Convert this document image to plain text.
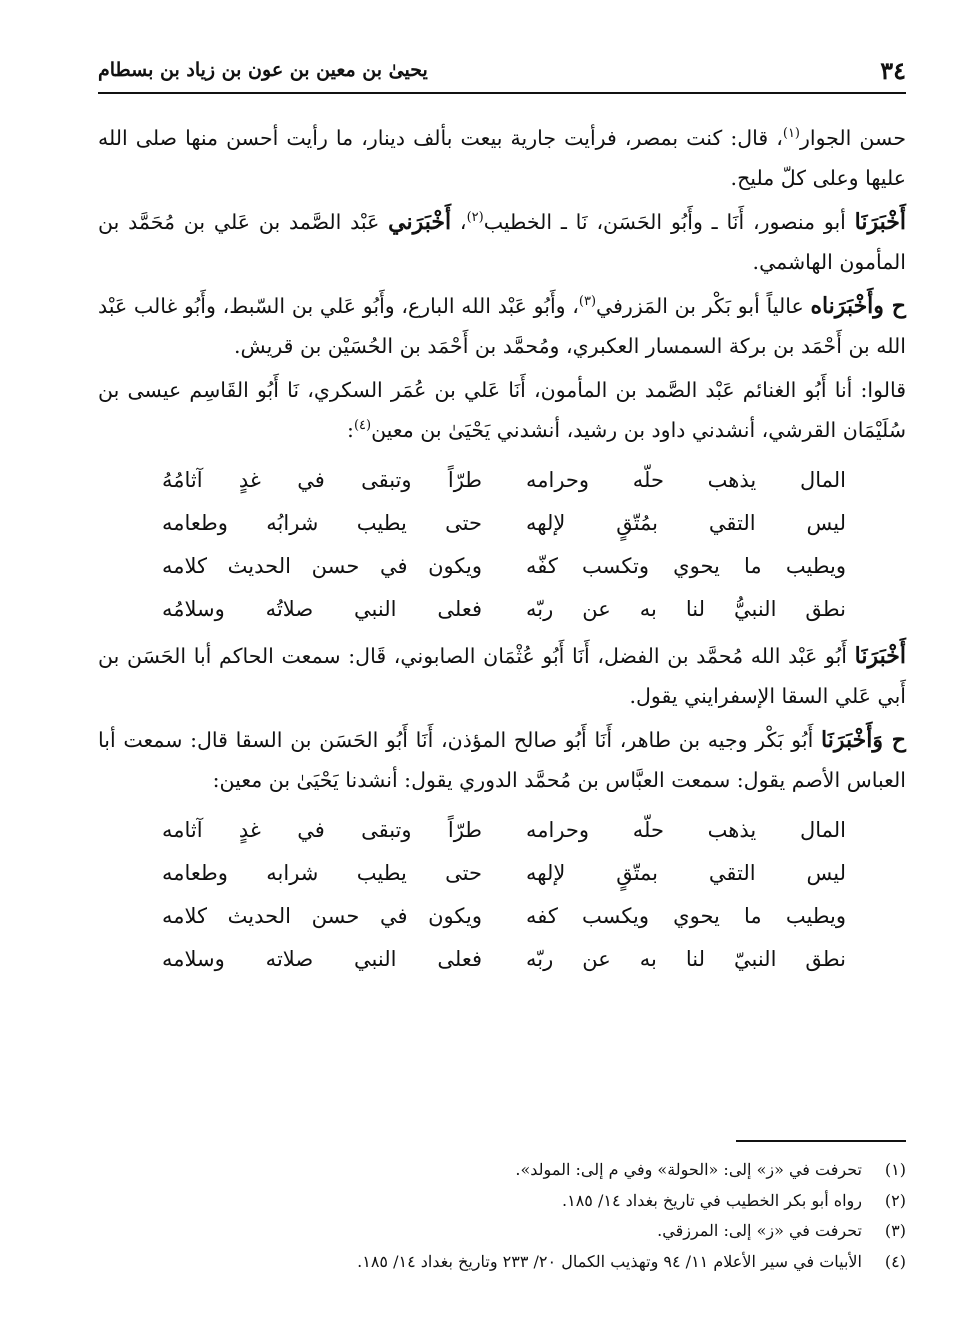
٣٤
يحيىٰ بن معين بن عون بن زياد بن بسطام

حسن الجوار$^{(١)}$، قال: كنت بمصر، فرأيت جارية بيعت بألف دينار، ما رأيت أحسن منها صلى الله عليها وعلى كلّ مليح.

أَخْبَرَنَا أبو منصور، أَنَا ـ وأَبُو الحَسَن، نَا ـ الخطيب$^{(٢)}$، أَخْبَرَني عَبْد الصَّمد بن عَلي بن مُحَمَّد بن المأمون الهاشمي.

ح وأَخْبَرَناه عالياً أبو بَكْر بن المَزرفي$^{(٣)}$، وأَبُو عَبْد الله البارع، وأَبُو عَلي بن السّبط، وأَبُو غالب عَبْد الله بن أَحْمَد بن بركة السمسار العكبري، ومُحمَّد بن أَحْمَد بن الحُسَيْن بن قريش.

قالوا: أنا أَبُو الغنائم عَبْد الصَّمد بن المأمون، أَنَا عَلي بن عُمَر السكري، نَا أَبُو القَاسِم عيسى بن سُلَيْمَان القرشي، أنشدني داود بن رشيد، أنشدني يَحْيَىٰ بن معين$^{(٤)}$:

المال يذهب حلّه وحرامه
طرّاً وتبقى في غدٍ آثامُهُ
ليس التقي بمُتّقٍ لإلهه
حتى يطيب شرابُه وطعامه
ويطيب ما يحوي وتكسب كفّه
ويكون في حسن الحديث كلامه
نطق النبيُّ لنا به عن ربّه
فعلى النبي صلاتُه وسلامُه

أَخْبَرَنَا أَبُو عَبْد الله مُحمَّد بن الفضل، أَنَا أَبُو عُثْمَان الصابوني، قَال: سمعت الحاكم أبا الحَسَن بن أَبي عَلي السقا الإسفرايني يقول.

ح وَأَخْبَرَنَا أَبُو بَكْر وجيه بن طاهر، أَنَا أَبُو صالح المؤذن، أَنَا أَبُو الحَسَن بن السقا قال: سمعت أبا العباس الأصم يقول: سمعت العبَّاس بن مُحمَّد الدوري يقول: أنشدنا يَحْيَىٰ بن معين:

المال يذهب حلّه وحرامه
طرّاً وتبقى في غدٍ آثامه
ليس التقي بمتّقٍ لإلهه
حتى يطيب شرابه وطعامه
ويطيب ما يحوي ويكسب كفه
ويكون في حسن الحديث كلامه
نطق النبيّ لنا به عن ربّه
فعلى النبي صلاته وسلامه
(١)
تحرفت في «ز» إلى: «الحولة» وفي م إلى: المولد».
(٢)
رواه أبو بكر الخطيب في تاريخ بغداد ١٤/ ١٨٥.
(٣)
تحرفت في «ز» إلى: المرزقي.
(٤)
الأبيات في سير الأعلام ١١/ ٩٤ وتهذيب الكمال ٢٠/ ٢٣٣ وتاريخ بغداد ١٤/ ١٨٥.
